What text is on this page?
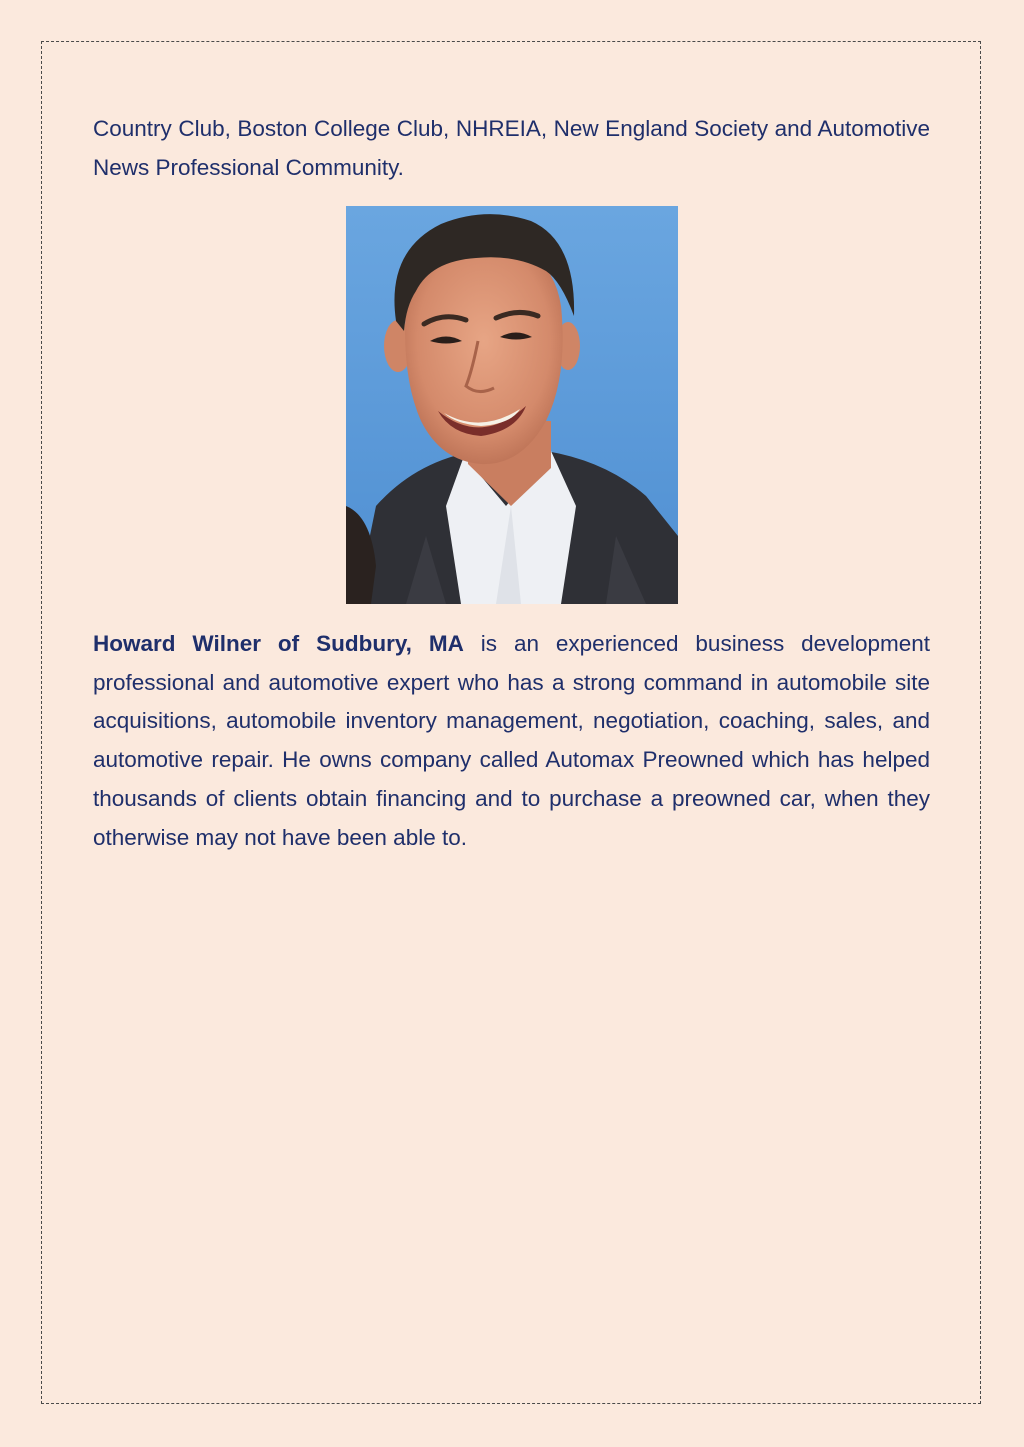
Country Club, Boston College Club, NHREIA, New England Society and Automotive News Professional Community.

Howard Wilner of Sudbury, MA is an experienced business development professional and automotive expert who has a strong command in automobile site acquisitions, automobile inventory management, negotiation, coaching, sales, and automotive repair. He owns company called Automax Preowned which has helped thousands of clients obtain financing and to purchase a preowned car, when they otherwise may not have been able to.
